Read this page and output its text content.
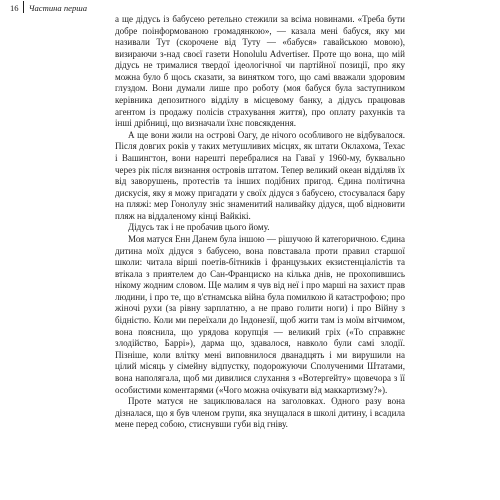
16	Частина перша

а ще дідусь із бабусею ретельно стежили за всіма новинами. «Треба бути добре поінформованою громадянкою», — казала мені бабуся, яку ми називали Тут (скорочене від Туту — «бабуся» гавайською мовою), визираючи з-над своєї газети Honolulu Advertiser. Проте що вона, що мій дідусь не трималися твердої ідеологічної чи партійної позиції, про яку можна було б щось сказати, за винятком того, що самі вважали здоровим глуздом. Вони думали лише про роботу (моя бабуся була заступником керівника депозитного відділу в місцевому банку, а дідусь працював агентом із продажу полісів страхування життя), про оплату рахунків та інші дрібниці, що визначали їхнє повсякдення.

А ще вони жили на острові Оагу, де нічого особливого не відбувалося. Після довгих років у таких метушливих місцях, як штати Оклахома, Техас і Вашингтон, вони нарешті перебралися на Гаваї у 1960-му, буквально через рік після визнання островів штатом. Тепер великий океан відділяв їх від заворушень, протестів та інших подібних пригод. Єдина політична дискусія, яку я можу пригадати у своїх дідуся з бабусею, стосувалася бару на пляжі: мер Гонолулу зніс знаменитий наливайку дідуся, щоб відновити пляж на віддаленому кінці Вайкікі.

Дідусь так і не пробачив цього йому.

Моя матуся Енн Данем була іншою — рішучою й категоричною. Єдина дитина моїх дідуся з бабусею, вона повставала проти правил старшої школи: читала вірші поетів-бітників і французьких екзистенціалістів та втікала з приятелем до Сан-Франциско на кілька днів, не прохопившись нікому жодним словом. Ще малим я чув від неї і про марші на захист прав людини, і про те, що в'єтнамська війна була помилкою й катастрофою; про жіночі рухи (за рівну зарплатню, а не право голити ноги) і про Війну з бідністю. Коли ми переїхали до Індонезії, щоб жити там із моїм вітчимом, вона пояснила, що урядова корупція — великий гріх («То справжнє злодійство, Баррі»), дарма що, здавалося, навколо були самі злодії. Пізніше, коли влітку мені виповнилося дванадцять і ми вирушили на цілий місяць у сімейну відпустку, подорожуючи Сполученими Штатами, вона наполягала, щоб ми дивилися слухання з «Вотергейту» щовечора з її особистими коментарями («Чого можна очікувати від маккартизму?»).

Проте матуся не зациклювалася на заголовках. Одного разу вона дізналася, що я був членом групи, яка знущалася в школі дитину, і всадила мене перед собою, стиснувши губи від гніву.
